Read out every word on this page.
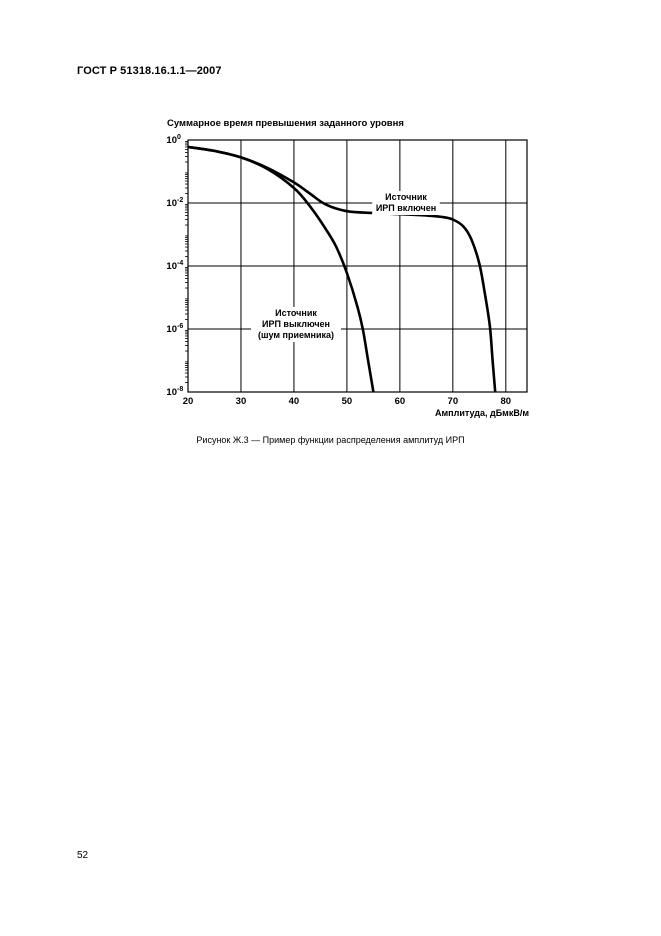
ГОСТ Р 51318.16.1.1—2007
Суммарное время превышения заданного уровня
10 0
10 -2
10 -4
10 -6
10 -8
20	30	40	50	60	70	80
Амплитуда, дБмкВ/м
Источник
ИРП включен
Источник
ИРП выключен
(шум приемника)
Рисунок Ж.3 — Пример функции распределения амплитуд ИРП
52
